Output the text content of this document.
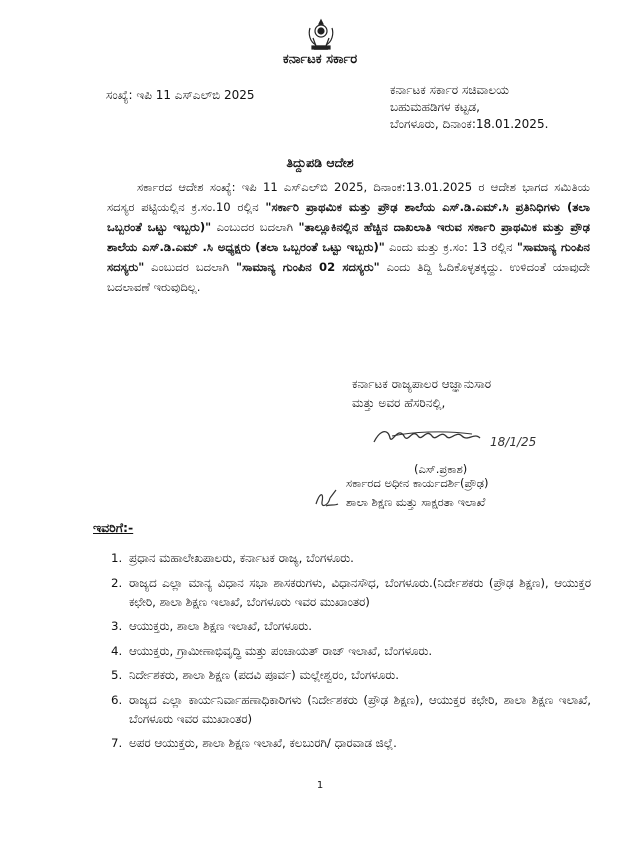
ಕರ್ನಾಟಕ ಸರ್ಕಾರ
ಸಂಖ್ಯೆ: ಇಪಿ 11 ಎಸ್‌ಎಲ್‌ಬಿ 2025	ಕರ್ನಾಟಕ ಸರ್ಕಾರ ಸಚಿವಾಲಯ
ಬಹುಮಹಡಿಗಳ ಕಟ್ಟಡ,
ಬೆಂಗಳೂರು, ದಿನಾಂಕ:18.01.2025.
ತಿದ್ದುಪಡಿ ಆದೇಶ
ಸರ್ಕಾರದ ಆದೇಶ ಸಂಖ್ಯೆ: ಇಪಿ 11 ಎಸ್‌ಎಲ್‌ಬಿ 2025, ದಿನಾಂಕ:13.01.2025 ರ ಆದೇಶ ಭಾಗದ ಸಮಿತಿಯ ಸದಸ್ಯರ ಪಟ್ಟಿಯಲ್ಲಿನ ಕ್ರ.ಸಂ.10 ರಲ್ಲಿನ "ಸರ್ಕಾರಿ ಪ್ರಾಥಮಿಕ ಮತ್ತು ಪ್ರೌಢ ಶಾಲೆಯ ಎಸ್.ಡಿ.ಎಮ್.ಸಿ ಪ್ರತಿನಿಧಿಗಳು (ತಲಾ ಒಬ್ಬರಂತೆ ಒಟ್ಟು ಇಬ್ಬರು)" ಎಂಬುದರ ಬದಲಾಗಿ "ತಾಲ್ಲೂಕಿನಲ್ಲಿನ ಹೆಚ್ಚಿನ ದಾಖಲಾತಿ ಇರುವ ಸರ್ಕಾರಿ ಪ್ರಾಥಮಿಕ ಮತ್ತು ಪ್ರೌಢ ಶಾಲೆಯ ಎಸ್.ಡಿ.ಎಮ್ .ಸಿ ಅಧ್ಯಕ್ಷರು (ತಲಾ ಒಬ್ಬರಂತೆ ಒಟ್ಟು ಇಬ್ಬರು)" ಎಂದು ಮತ್ತು ಕ್ರ.ಸಂ: 13 ರಲ್ಲಿನ "ಸಾಮಾನ್ಯ ಗುಂಪಿನ ಸದಸ್ಯರು" ಎಂಬುದರ ಬದಲಾಗಿ "ಸಾಮಾನ್ಯ ಗುಂಪಿನ 02 ಸದಸ್ಯರು" ಎಂದು ತಿದ್ದಿ ಓದಿಕೊಳ್ಳತಕ್ಕದ್ದು. ಉಳಿದಂತೆ ಯಾವುದೇ ಬದಲಾವಣೆ ಇರುವುದಿಲ್ಲ.
ಕರ್ನಾಟಕ ರಾಜ್ಯಪಾಲರ ಆಜ್ಞಾನುಸಾರ
ಮತ್ತು ಅವರ ಹೆಸರಿನಲ್ಲಿ,
18/1/25
(ಎಸ್.ಪ್ರಕಾಶ)
ಸರ್ಕಾರದ ಅಧೀನ ಕಾರ್ಯದರ್ಶಿ(ಪ್ರೌಢ)
ಶಾಲಾ ಶಿಕ್ಷಣ ಮತ್ತು ಸಾಕ್ಷರತಾ ಇಲಾಖೆ
ಇವರಿಗೆ:-
1. ಪ್ರಧಾನ ಮಹಾಲೇಖಪಾಲರು, ಕರ್ನಾಟಕ ರಾಜ್ಯ, ಬೆಂಗಳೂರು.
2. ರಾಜ್ಯದ ಎಲ್ಲಾ ಮಾನ್ಯ ವಿಧಾನ ಸಭಾ ಶಾಸಕರುಗಳು, ವಿಧಾನಸೌಧ, ಬೆಂಗಳೂರು.(ನಿರ್ದೇಶಕರು (ಪ್ರೌಢ ಶಿಕ್ಷಣ), ಆಯುಕ್ತರ ಕಛೇರಿ, ಶಾಲಾ ಶಿಕ್ಷಣ ಇಲಾಖೆ, ಬೆಂಗಳೂರು ಇವರ ಮುಖಾಂತರ)
3. ಆಯುಕ್ತರು, ಶಾಲಾ ಶಿಕ್ಷಣ ಇಲಾಖೆ, ಬೆಂಗಳೂರು.
4. ಆಯುಕ್ತರು, ಗ್ರಾಮೀಣಾಭಿವೃದ್ಧಿ ಮತ್ತು ಪಂಚಾಯತ್ ರಾಜ್ ಇಲಾಖೆ, ಬೆಂಗಳೂರು.
5. ನಿರ್ದೇಶಕರು, ಶಾಲಾ ಶಿಕ್ಷಣ (ಪದವಿ ಪೂರ್ವ) ಮಲ್ಲೇಶ್ವರಂ, ಬೆಂಗಳೂರು.
6. ರಾಜ್ಯದ ಎಲ್ಲಾ ಕಾರ್ಯನಿರ್ವಾಹಣಾಧಿಕಾರಿಗಳು (ನಿರ್ದೇಶಕರು (ಪ್ರೌಢ ಶಿಕ್ಷಣ), ಆಯುಕ್ತರ ಕಛೇರಿ, ಶಾಲಾ ಶಿಕ್ಷಣ ಇಲಾಖೆ, ಬೆಂಗಳೂರು ಇವರ ಮುಖಾಂತರ)
7. ಅಪರ ಆಯುಕ್ತರು, ಶಾಲಾ ಶಿಕ್ಷಣ ಇಲಾಖೆ, ಕಲಬುರಗಿ/ ಧಾರವಾಡ ಜಿಲ್ಲೆ.
1
